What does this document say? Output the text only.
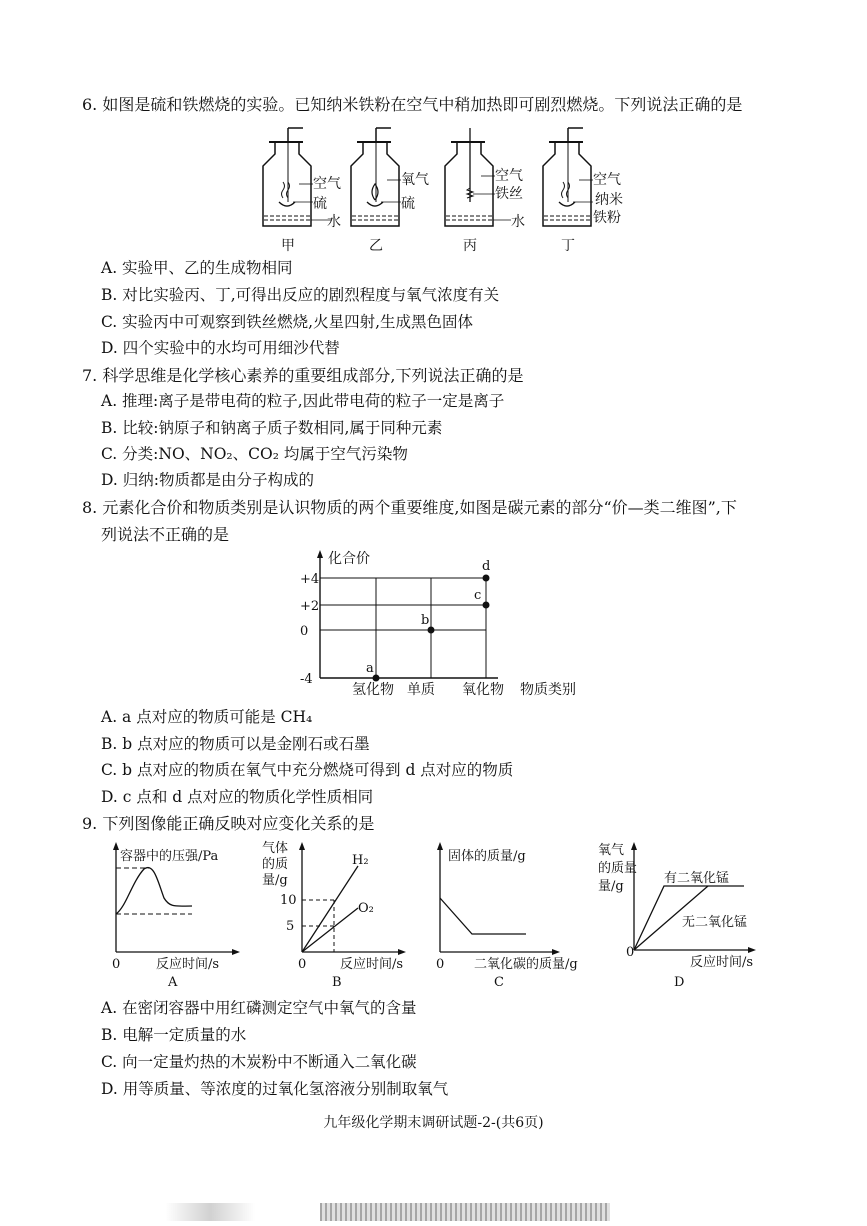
6. 如图是硫和铁燃烧的实验。已知纳米铁粉在空气中稍加热即可剧烈燃烧。下列说法正确的是
空气
硫
水
甲
氧气
硫
乙
空气
铁丝
水
丙
空气
纳米
铁粉
丁
A. 实验甲、乙的生成物相同
B. 对比实验丙、丁,可得出反应的剧烈程度与氧气浓度有关
C. 实验丙中可观察到铁丝燃烧,火星四射,生成黑色固体
D. 四个实验中的水均可用细沙代替
7. 科学思维是化学核心素养的重要组成部分,下列说法正确的是
A. 推理:离子是带电荷的粒子,因此带电荷的粒子一定是离子
B. 比较:钠原子和钠离子质子数相同,属于同种元素
C. 分类:NO、NO₂、CO₂ 均属于空气污染物
D. 归纳:物质都是由分子构成的
8. 元素化合价和物质类别是认识物质的两个重要维度,如图是碳元素的部分“价—类二维图”,下
列说法不正确的是
+4
+2
0
-4
氢化物 单质 氧化物
a
b
c
d
化合价
物质类别
A. a 点对应的物质可能是 CH₄
B. b 点对应的物质可以是金刚石或石墨
C. b 点对应的物质在氧气中充分燃烧可得到 d 点对应的物质
D. c 点和 d 点对应的物质化学性质相同
9. 下列图像能正确反映对应变化关系的是
容器中的压强/Pa
0	反应时间/s
A
气体
的质
量/g
10
5
H₂
O₂
0	反应时间/s
B
固体的质量/g
0 二氧化碳的质量/g
C
氧气
的质量
量/g
有二氧化锰
无二氧化锰
0
反应时间/s
D
A. 在密闭容器中用红磷测定空气中氧气的含量
B. 电解一定质量的水
C. 向一定量灼热的木炭粉中不断通入二氧化碳
D. 用等质量、等浓度的过氧化氢溶液分别制取氧气
九年级化学期末调研试题-2-(共6页)
